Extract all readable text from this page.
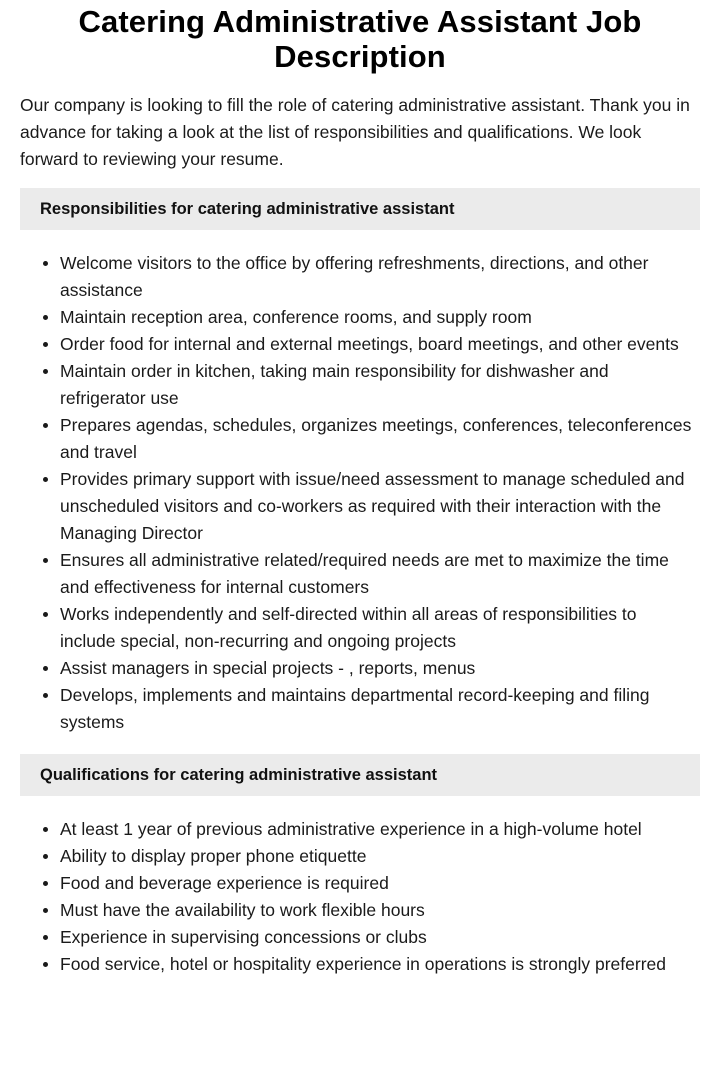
Catering Administrative Assistant Job Description

Our company is looking to fill the role of catering administrative assistant. Thank you in advance for taking a look at the list of responsibilities and qualifications. We look forward to reviewing your resume.

Responsibilities for catering administrative assistant
Welcome visitors to the office by offering refreshments, directions, and other assistance
Maintain reception area, conference rooms, and supply room
Order food for internal and external meetings, board meetings, and other events
Maintain order in kitchen, taking main responsibility for dishwasher and refrigerator use
Prepares agendas, schedules, organizes meetings, conferences, teleconferences and travel
Provides primary support with issue/need assessment to manage scheduled and unscheduled visitors and co-workers as required with their interaction with the Managing Director
Ensures all administrative related/required needs are met to maximize the time and effectiveness for internal customers
Works independently and self-directed within all areas of responsibilities to include special, non-recurring and ongoing projects
Assist managers in special projects - , reports, menus
Develops, implements and maintains departmental record-keeping and filing systems
Qualifications for catering administrative assistant
At least 1 year of previous administrative experience in a high-volume hotel
Ability to display proper phone etiquette
Food and beverage experience is required
Must have the availability to work flexible hours
Experience in supervising concessions or clubs
Food service, hotel or hospitality experience in operations is strongly preferred
